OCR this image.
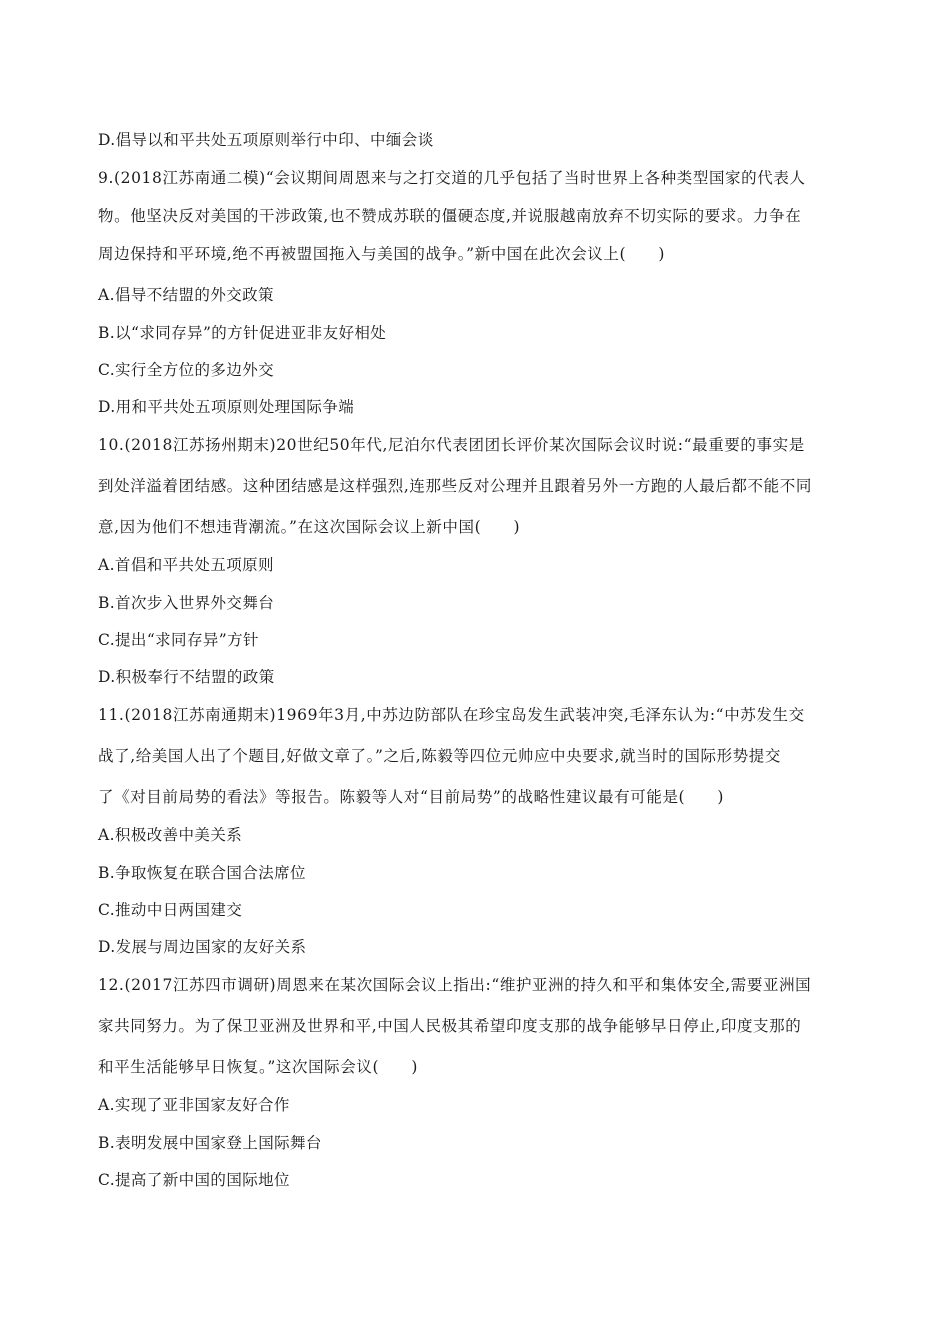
D.倡导以和平共处五项原则举行中印、中缅会谈
9.(2018江苏南通二模)“会议期间周恩来与之打交道的几乎包括了当时世界上各种类型国家的代表人
物。他坚决反对美国的干涉政策,也不赞成苏联的僵硬态度,并说服越南放弃不切实际的要求。力争在
周边保持和平环境,绝不再被盟国拖入与美国的战争。”新中国在此次会议上(　　)
A.倡导不结盟的外交政策
B.以“求同存异”的方针促进亚非友好相处
C.实行全方位的多边外交
D.用和平共处五项原则处理国际争端
10.(2018江苏扬州期末)20世纪50年代,尼泊尔代表团团长评价某次国际会议时说:“最重要的事实是
到处洋溢着团结感。这种团结感是这样强烈,连那些反对公理并且跟着另外一方跑的人最后都不能不同
意,因为他们不想违背潮流。”在这次国际会议上新中国(　　)
A.首倡和平共处五项原则
B.首次步入世界外交舞台
C.提出“求同存异”方针
D.积极奉行不结盟的政策
11.(2018江苏南通期末)1969年3月,中苏边防部队在珍宝岛发生武装冲突,毛泽东认为:“中苏发生交
战了,给美国人出了个题目,好做文章了。”之后,陈毅等四位元帅应中央要求,就当时的国际形势提交
了《对目前局势的看法》等报告。陈毅等人对“目前局势”的战略性建议最有可能是(　　)
A.积极改善中美关系
B.争取恢复在联合国合法席位
C.推动中日两国建交
D.发展与周边国家的友好关系
12.(2017江苏四市调研)周恩来在某次国际会议上指出:“维护亚洲的持久和平和集体安全,需要亚洲国
家共同努力。为了保卫亚洲及世界和平,中国人民极其希望印度支那的战争能够早日停止,印度支那的
和平生活能够早日恢复。”这次国际会议(　　)
A.实现了亚非国家友好合作
B.表明发展中国家登上国际舞台
C.提高了新中国的国际地位
